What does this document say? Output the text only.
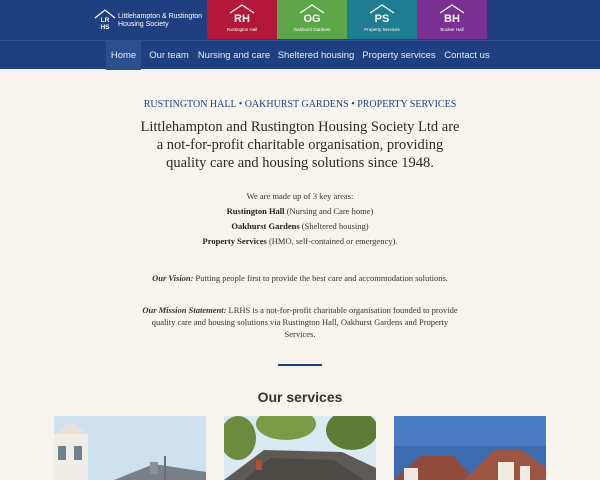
LR
HS
Littlehampton & Rustington
Housing Society	RH
Rustington Hall
OG
Oakhurst Gardens
PS
Property Services
BH
Booker Hall
Home	Our team Nursing and care Sheltered housing Property services Contact us
RUSTINGTON HALL • OAKHURST GARDENS • PROPERTY SERVICES
Littlehampton and Rustington Housing Society Ltd are
a not-for-profit charitable organisation, providing
quality care and housing solutions since 1948.
We are made up of 3 key areas:
Rustington Hall (Nursing and Care home)
Oakhurst Gardens (Sheltered housing)
Property Services (HMO, self-contained or emergency).
Our Vision: Putting people first to provide the best care and accommodation solutions.
Our Mission Statement: LRHS is a not-for-profit charitable organisation founded to provide quality care and housing solutions via Rustington Hall, Oakhurst Gardens and Property Services.
Our services
